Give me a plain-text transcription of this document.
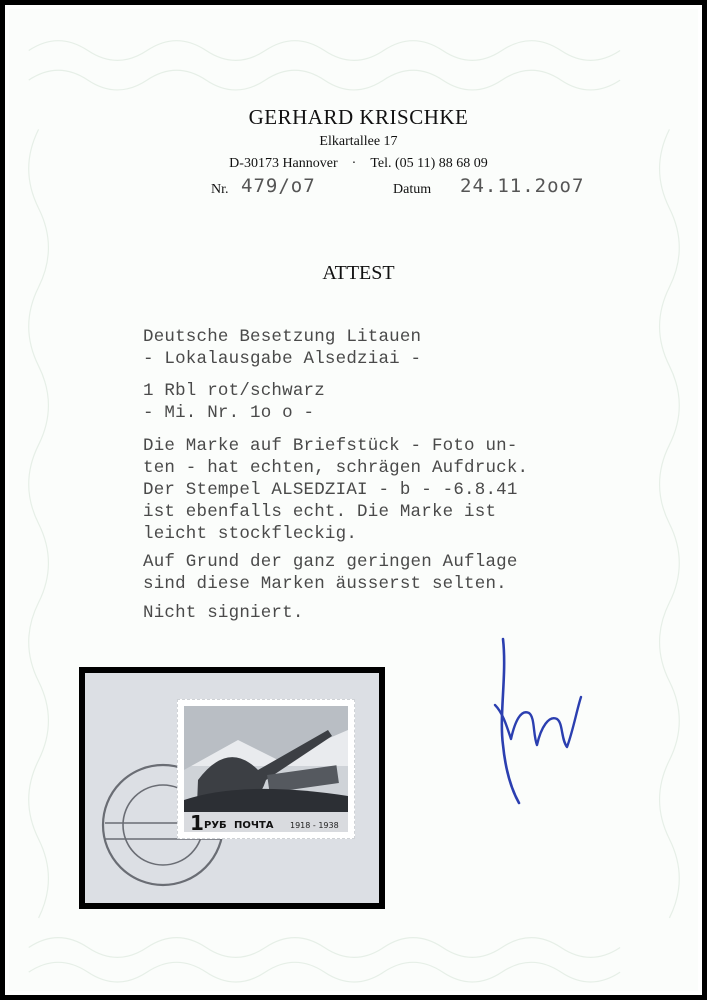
GERHARD KRISCHKE
Elkartallee 17
D-30173 Hannover · Tel. (05 11) 88 68 09
Nr. 479/o7	Datum 24.11.2oo7
ATTEST
Deutsche Besetzung Litauen
- Lokalausgabe Alsedziai -
1 Rbl rot/schwarz
- Mi. Nr. 1o o -
Die Marke auf Briefstück - Foto un-
ten - hat echten, schrägen Aufdruck.
Der Stempel ALSEDZIAI - b - -6.8.41
ist ebenfalls echt. Die Marke ist
leicht stockfleckig.
Auf Grund der ganz geringen Auflage
sind diese Marken äusserst selten.
Nicht signiert.
1 РУБ ПОЧТА 1918 - 1938
